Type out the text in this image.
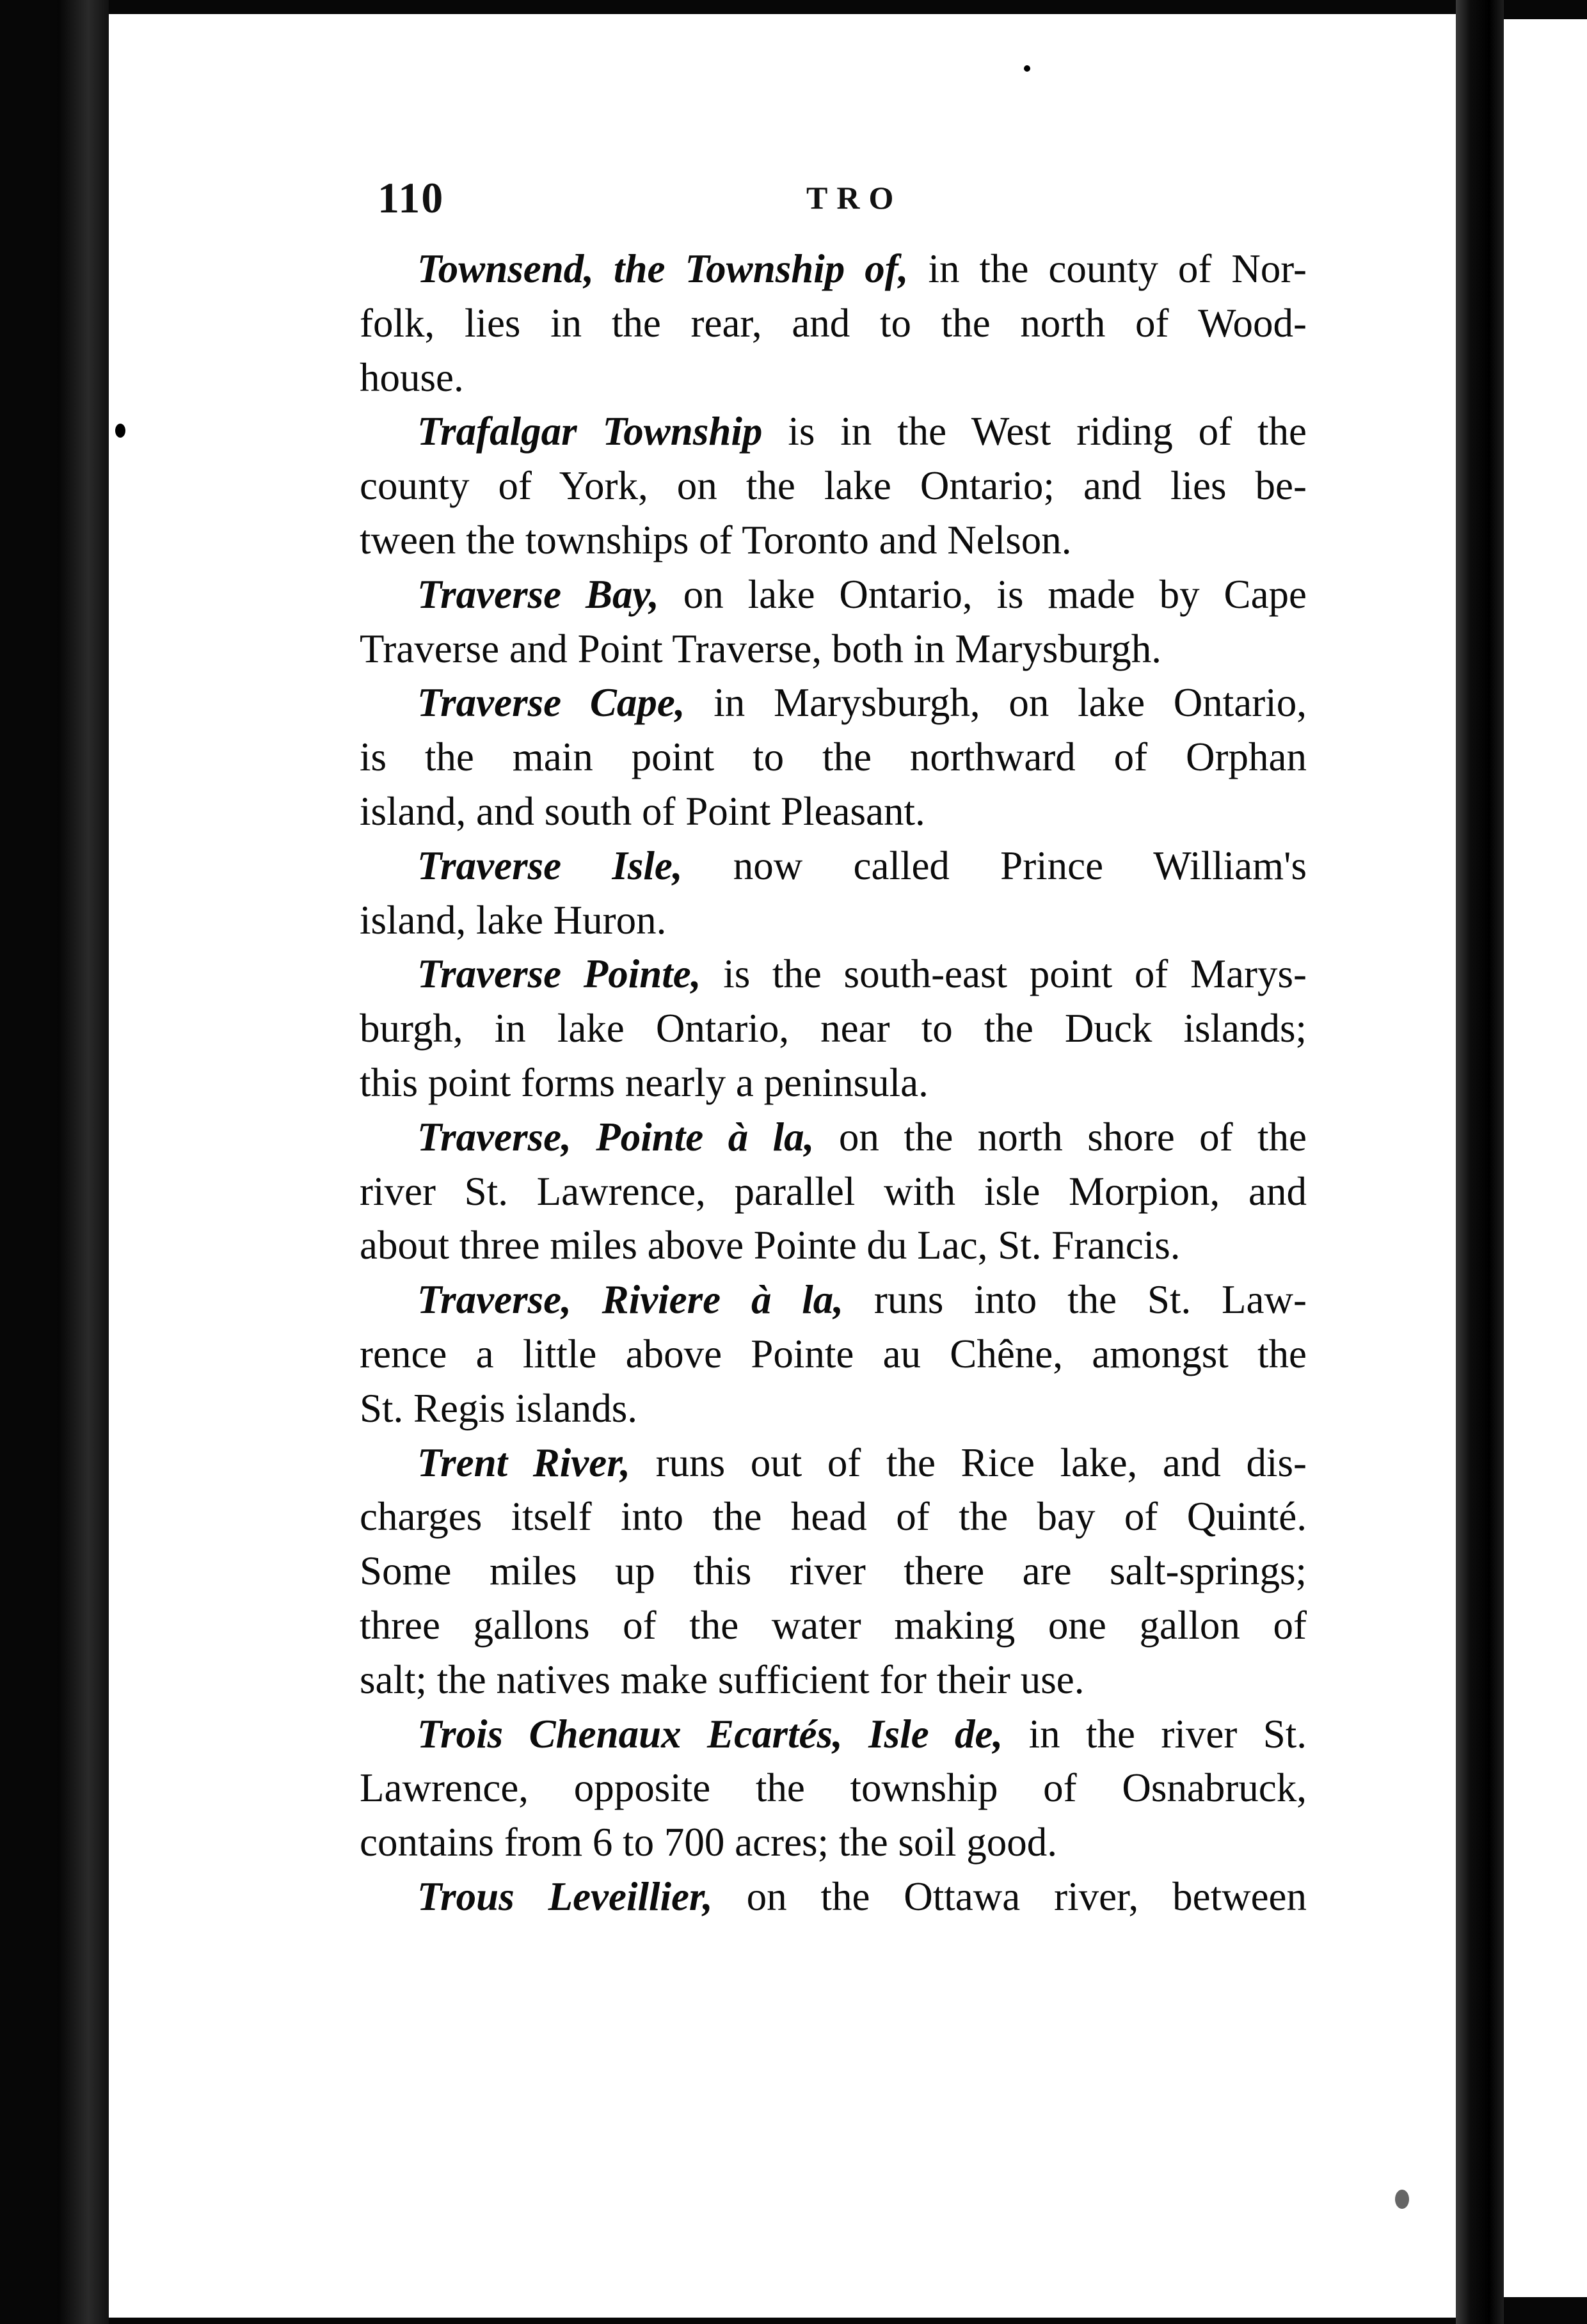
110	TRO

Townsend, the Township of, in the county of Nor-
folk, lies in the rear, and to the north of Wood-
house.

Trafalgar Township is in the West riding of the
county of York, on the lake Ontario; and lies be-
tween the townships of Toronto and Nelson.

Traverse Bay, on lake Ontario, is made by Cape
Traverse and Point Traverse, both in Marysburgh.

Traverse Cape, in Marysburgh, on lake Ontario,
is the main point to the northward of Orphan
island, and south of Point Pleasant.

Traverse Isle, now called Prince William's
island, lake Huron.

Traverse Pointe, is the south-east point of Marys-
burgh, in lake Ontario, near to the Duck islands;
this point forms nearly a peninsula.

Traverse, Pointe à la, on the north shore of the
river St. Lawrence, parallel with isle Morpion, and
about three miles above Pointe du Lac, St. Francis.

Traverse, Riviere à la, runs into the St. Law-
rence a little above Pointe au Chêne, amongst the
St. Regis islands.

Trent River, runs out of the Rice lake, and dis-
charges itself into the head of the bay of Quinté.
Some miles up this river there are salt-springs;
three gallons of the water making one gallon of
salt; the natives make sufficient for their use.

Trois Chenaux Ecartés, Isle de, in the river St.
Lawrence, opposite the township of Osnabruck,
contains from 6 to 700 acres; the soil good.

Trous Leveillier, on the Ottawa river, between
